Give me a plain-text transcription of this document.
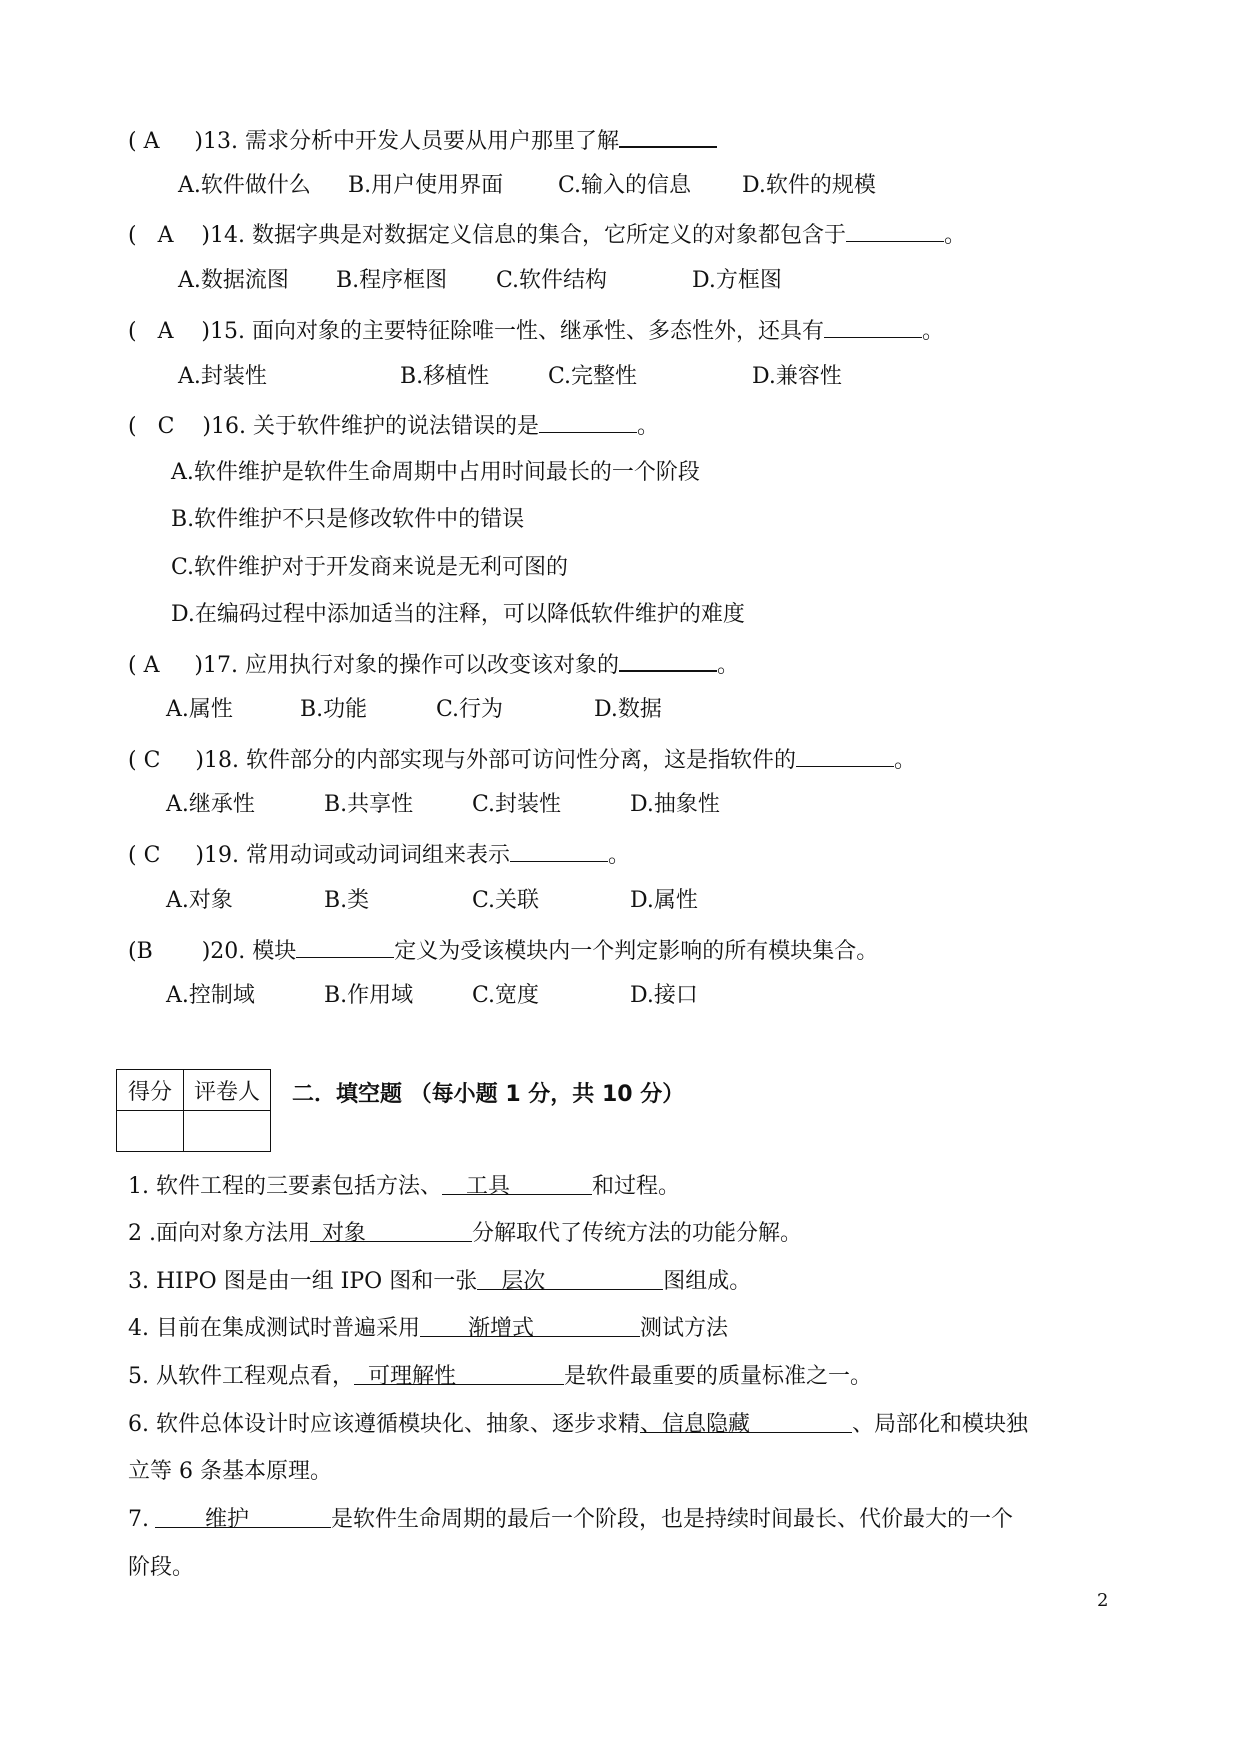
( A     )13. 需求分析中开发人员要从用户那里了解
A.软件做什么 B.用户使用界面 C.输入的信息 D.软件的规模
(   A    )14. 数据字典是对数据定义信息的集合，它所定义的对象都包含于	。
A.数据流图 B.程序框图 C.软件结构	D.方框图
(   A    )15. 面向对象的主要特征除唯一性、继承性、多态性外，还具有	。
A.封装性	B.移植性	C.完整性	D.兼容性
(   C    )16. 关于软件维护的说法错误的是	。
A.软件维护是软件生命周期中占用时间最长的一个阶段
B.软件维护不只是修改软件中的错误
C.软件维护对于开发商来说是无利可图的
D.在编码过程中添加适当的注释，可以降低软件维护的难度
( A     )17. 应用执行对象的操作可以改变该对象的	。
A.属性	B.功能	C.行为	D.数据
( C     )18. 软件部分的内部实现与外部可访问性分离，这是指软件的	。
A.继承性	B.共享性	C.封装性	D.抽象性
( C     )19. 常用动词或动词词组来表示	。
A.对象	B.类	C.关联	D.属性
(B       )20. 模块	定义为受该模块内一个判定影响的所有模块集合。
A.控制域	B.作用域	C.宽度	D.接口
得分	评卷人
	二．填空题 （每小题 1 分，共 10 分）
1. 软件工程的三要素包括方法、 工具	和过程。
2 .面向对象方法用 对象	分解取代了传统方法的功能分解。
3. HIPO 图是由一组 IPO 图和一张 层次	图组成。
4. 目前在集成测试时普遍采用 渐增式	测试方法
5. 从软件工程观点看， 可理解性	是软件最重要的质量标准之一。
6. 软件总体设计时应该遵循模块化、抽象、逐步求精、信息隐藏	、局部化和模块独
立等 6 条基本原理。
7.	维护	是软件生命周期的最后一个阶段，也是持续时间最长、代价最大的一个
阶段。
2
